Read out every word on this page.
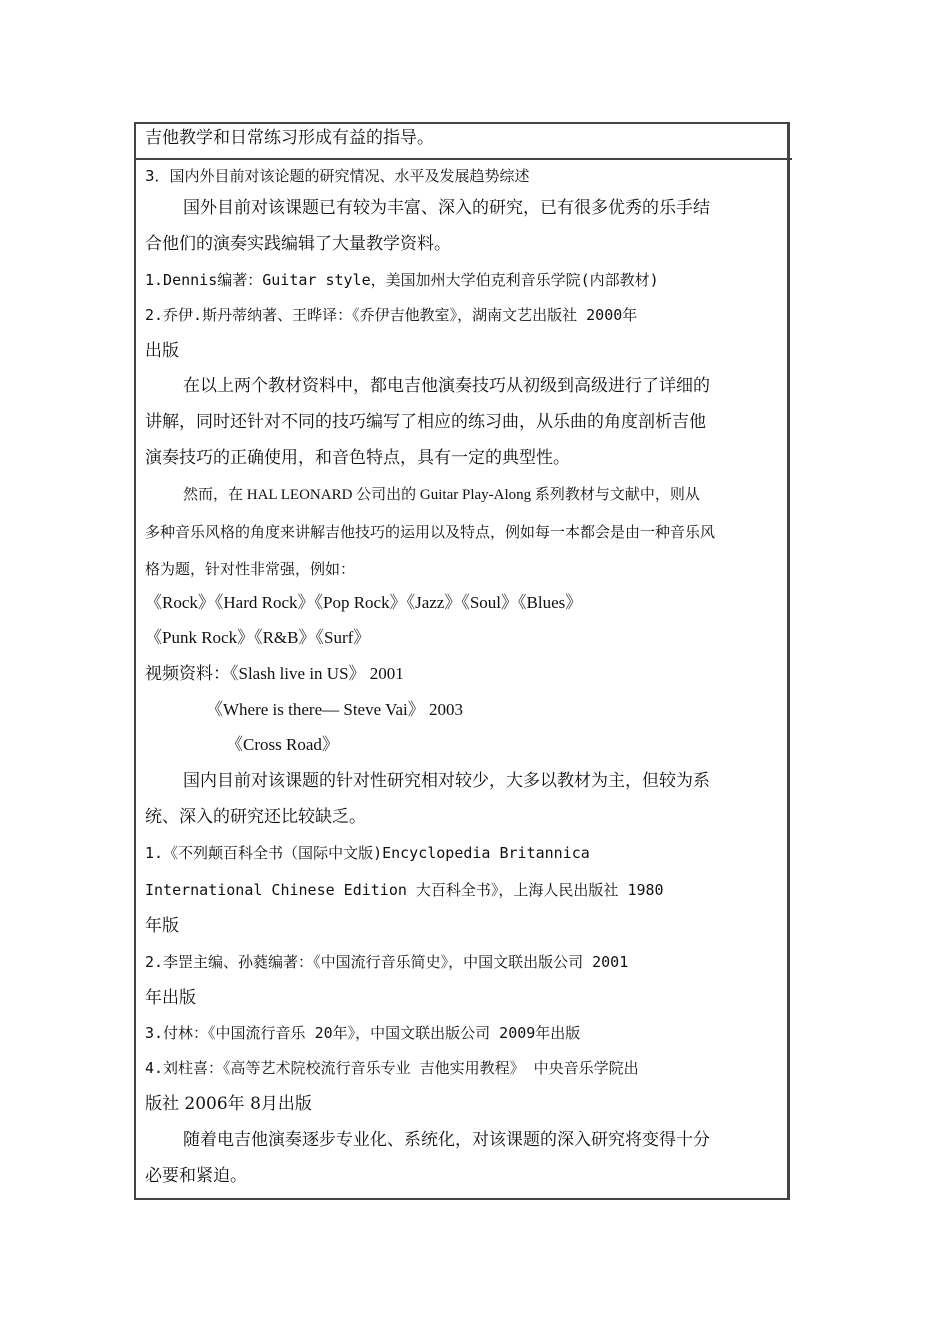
吉他教学和日常练习形成有益的指导。
3．国内外目前对该论题的研究情况、水平及发展趋势综述
国外目前对该课题已有较为丰富、深入的研究，已有很多优秀的乐手结
合他们的演奏实践编辑了大量教学资料。
1.Dennis编著：Guitar style，美国加州大学伯克利音乐学院(内部教材)
2.乔伊.斯丹蒂纳著、王晔译：《乔伊吉他教室》，湖南文艺出版社 2000年
出版
在以上两个教材资料中，都电吉他演奏技巧从初级到高级进行了详细的
讲解，同时还针对不同的技巧编写了相应的练习曲，从乐曲的角度剖析吉他
演奏技巧的正确使用，和音色特点，具有一定的典型性。
然而，在 HAL LEONARD 公司出的 Guitar Play-Along 系列教材与文献中，则从
多种音乐风格的角度来讲解吉他技巧的运用以及特点，例如每一本都会是由一种音乐风
格为题，针对性非常强，例如：
《Rock》《Hard Rock》《Pop Rock》《Jazz》《Soul》《Blues》
《Punk Rock》《R&B》《Surf》
视频资料：《Slash live in US》 2001
《Where is there— Steve Vai》 2003
《Cross Road》
国内目前对该课题的针对性研究相对较少，大多以教材为主，但较为系
统、深入的研究还比较缺乏。
1.《不列颠百科全书（国际中文版)Encyclopedia Britannica
International Chinese Edition 大百科全书》，上海人民出版社 1980
年版
2.李罡主编、孙蕤编著：《中国流行音乐简史》，中国文联出版公司 2001
年出版
3.付林：《中国流行音乐 20年》，中国文联出版公司 2009年出版
4.刘柱喜：《高等艺术院校流行音乐专业 吉他实用教程》 中央音乐学院出
版社 2006年 8月出版
随着电吉他演奏逐步专业化、系统化，对该课题的深入研究将变得十分
必要和紧迫。
